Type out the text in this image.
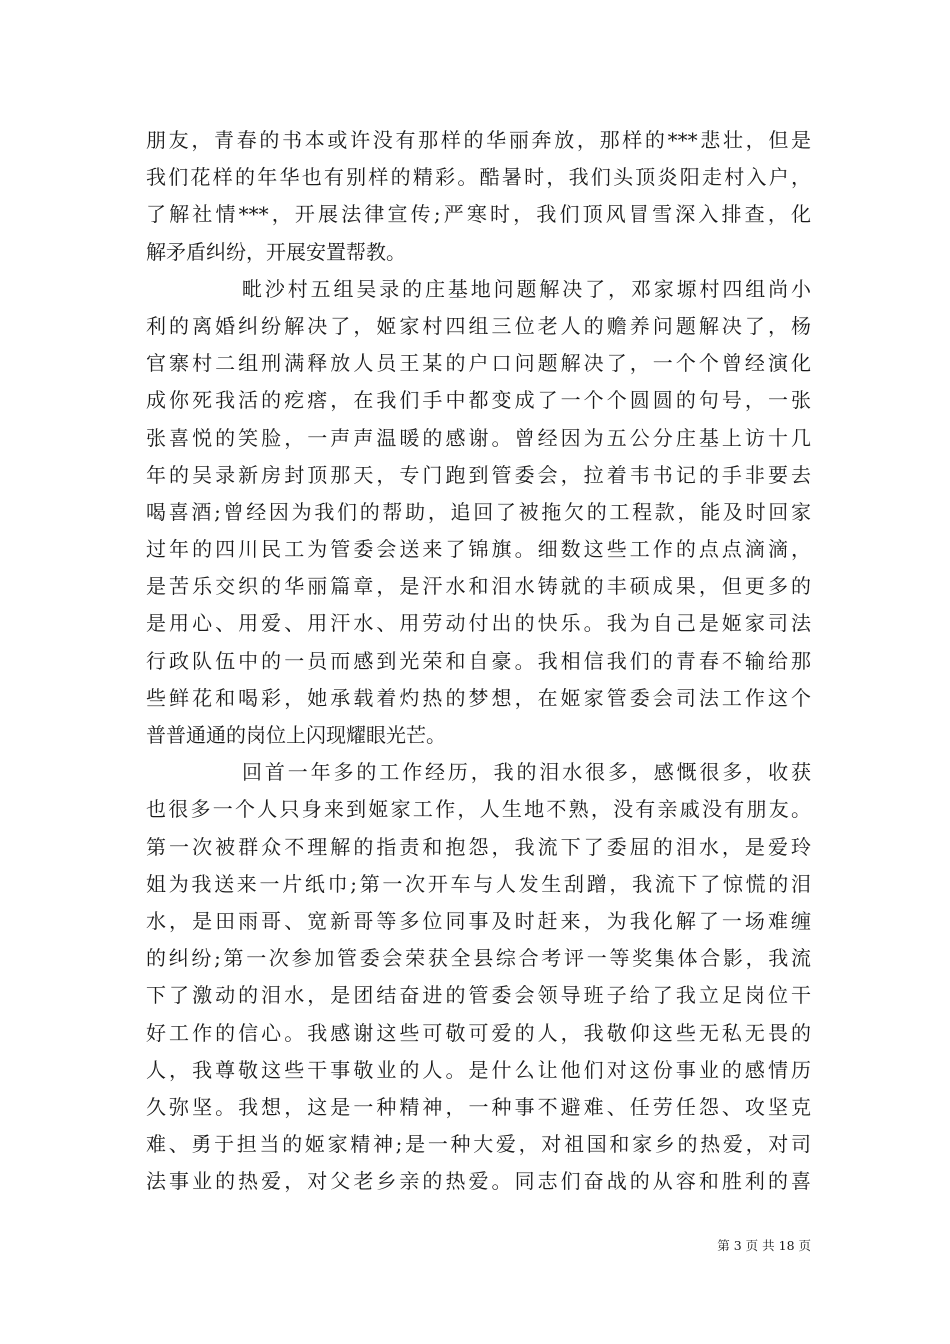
朋友，青春的书本或许没有那样的华丽奔放，那样的***悲壮，但是
我们花样的年华也有别样的精彩。酷暑时，我们头顶炎阳走村入户，
了解社情***，开展法律宣传;严寒时，我们顶风冒雪深入排查，化
解矛盾纠纷，开展安置帮教。
毗沙村五组吴录的庄基地问题解决了，邓家塬村四组尚小
利的离婚纠纷解决了，姬家村四组三位老人的赡养问题解决了，杨
官寨村二组刑满释放人员王某的户口问题解决了，一个个曾经演化
成你死我活的疙瘩，在我们手中都变成了一个个圆圆的句号，一张
张喜悦的笑脸，一声声温暖的感谢。曾经因为五公分庄基上访十几
年的吴录新房封顶那天，专门跑到管委会，拉着韦书记的手非要去
喝喜酒;曾经因为我们的帮助，追回了被拖欠的工程款，能及时回家
过年的四川民工为管委会送来了锦旗。细数这些工作的点点滴滴，
是苦乐交织的华丽篇章，是汗水和泪水铸就的丰硕成果，但更多的
是用心、用爱、用汗水、用劳动付出的快乐。我为自己是姬家司法
行政队伍中的一员而感到光荣和自豪。我相信我们的青春不输给那
些鲜花和喝彩，她承载着灼热的梦想，在姬家管委会司法工作这个
普普通通的岗位上闪现耀眼光芒。
回首一年多的工作经历，我的泪水很多，感慨很多，收获
也很多一个人只身来到姬家工作，人生地不熟，没有亲戚没有朋友。
第一次被群众不理解的指责和抱怨，我流下了委屈的泪水，是爱玲
姐为我送来一片纸巾;第一次开车与人发生刮蹭，我流下了惊慌的泪
水，是田雨哥、宽新哥等多位同事及时赶来，为我化解了一场难缠
的纠纷;第一次参加管委会荣获全县综合考评一等奖集体合影，我流
下了激动的泪水，是团结奋进的管委会领导班子给了我立足岗位干
好工作的信心。我感谢这些可敬可爱的人，我敬仰这些无私无畏的
人，我尊敬这些干事敬业的人。是什么让他们对这份事业的感情历
久弥坚。我想，这是一种精神，一种事不避难、任劳任怨、攻坚克
难、勇于担当的姬家精神;是一种大爱，对祖国和家乡的热爱，对司
法事业的热爱，对父老乡亲的热爱。同志们奋战的从容和胜利的喜
第 3 页 共 18 页
